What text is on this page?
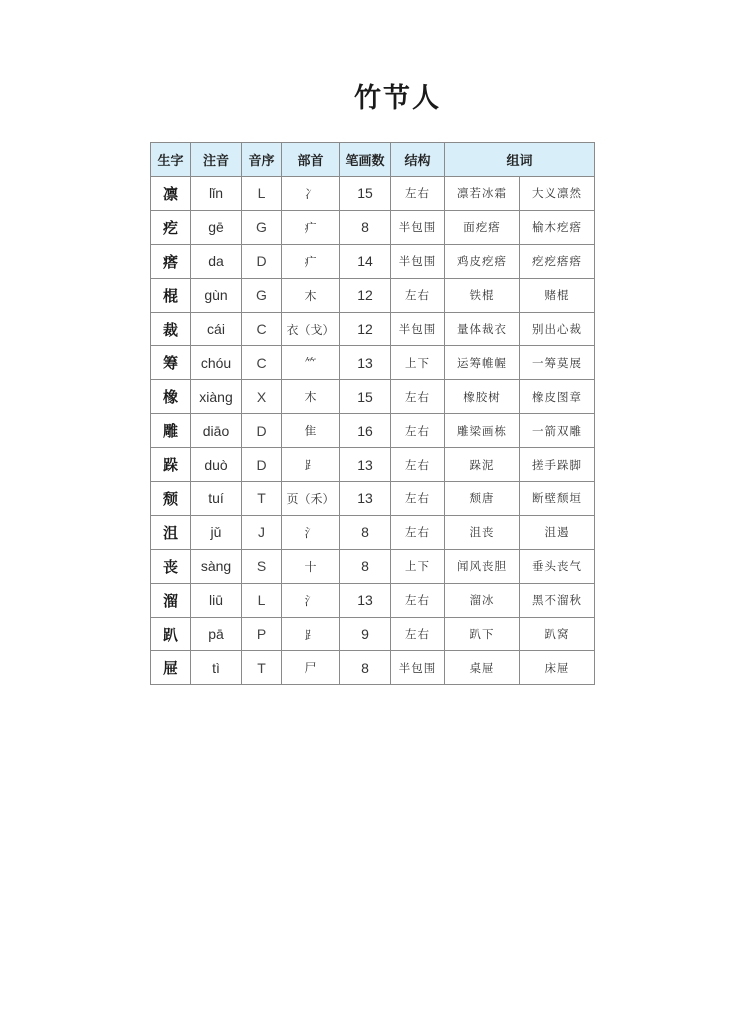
竹节人
生字	注音	音序	部首	笔画数	结构	组词	
凛	lǐn	L	冫	15	左右	凛若冰霜	大义凛然
疙	gē	G	疒	8	半包围	面疙瘩	榆木疙瘩
瘩	da	D	疒	14	半包围	鸡皮疙瘩	疙疙瘩瘩
棍	gùn	G	木	12	左右	铁棍	赌棍
裁	cái	C	衣（戈）	12	半包围	量体裁衣	别出心裁
筹	chóu	C	⺮	13	上下	运筹帷幄	一筹莫展
橡	xiàng	X	木	15	左右	橡胶树	橡皮图章
雕	diāo	D	隹	16	左右	雕梁画栋	一箭双雕
跺	duò	D	⻊	13	左右	跺泥	搓手跺脚
颓	tuí	T	页（禾）	13	左右	颓唐	断壁颓垣
沮	jǔ	J	氵	8	左右	沮丧	沮遏
丧	sàng	S	十	8	上下	闻风丧胆	垂头丧气
溜	liū	L	氵	13	左右	溜冰	黑不溜秋
趴	pā	P	⻊	9	左右	趴下	趴窝
屉	tì	T	尸	8	半包围	桌屉	床屉
